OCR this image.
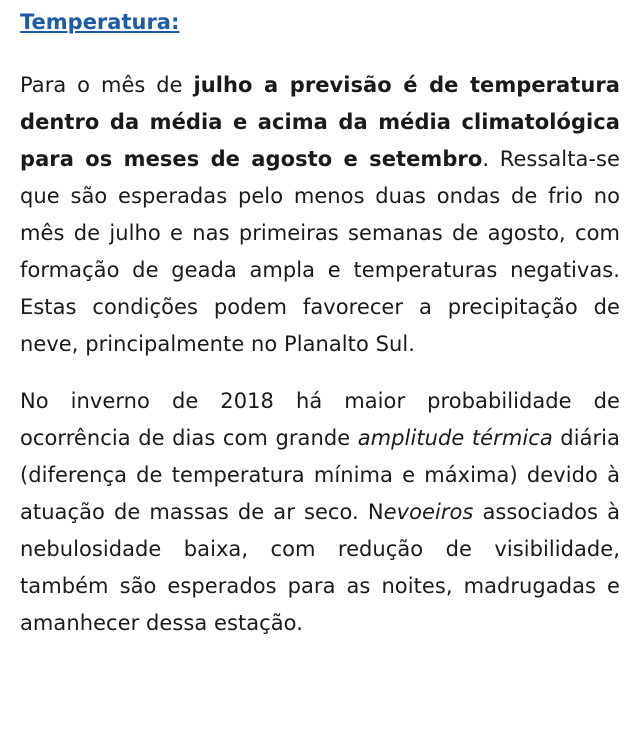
Temperatura:

Para o mês de julho a previsão é de temperatura dentro da média e acima da média climatológica para os meses de agosto e setembro. Ressalta-se que são esperadas pelo menos duas ondas de frio no mês de julho e nas primeiras semanas de agosto, com formação de geada ampla e temperaturas negativas. Estas condições podem favorecer a precipitação de neve, principalmente no Planalto Sul.

No inverno de 2018 há maior probabilidade de ocorrência de dias com grande amplitude térmica diária (diferença de temperatura mínima e máxima) devido à atuação de massas de ar seco. Nevoeiros associados à nebulosidade baixa, com redução de visibilidade, também são esperados para as noites, madrugadas e amanhecer dessa estação.
